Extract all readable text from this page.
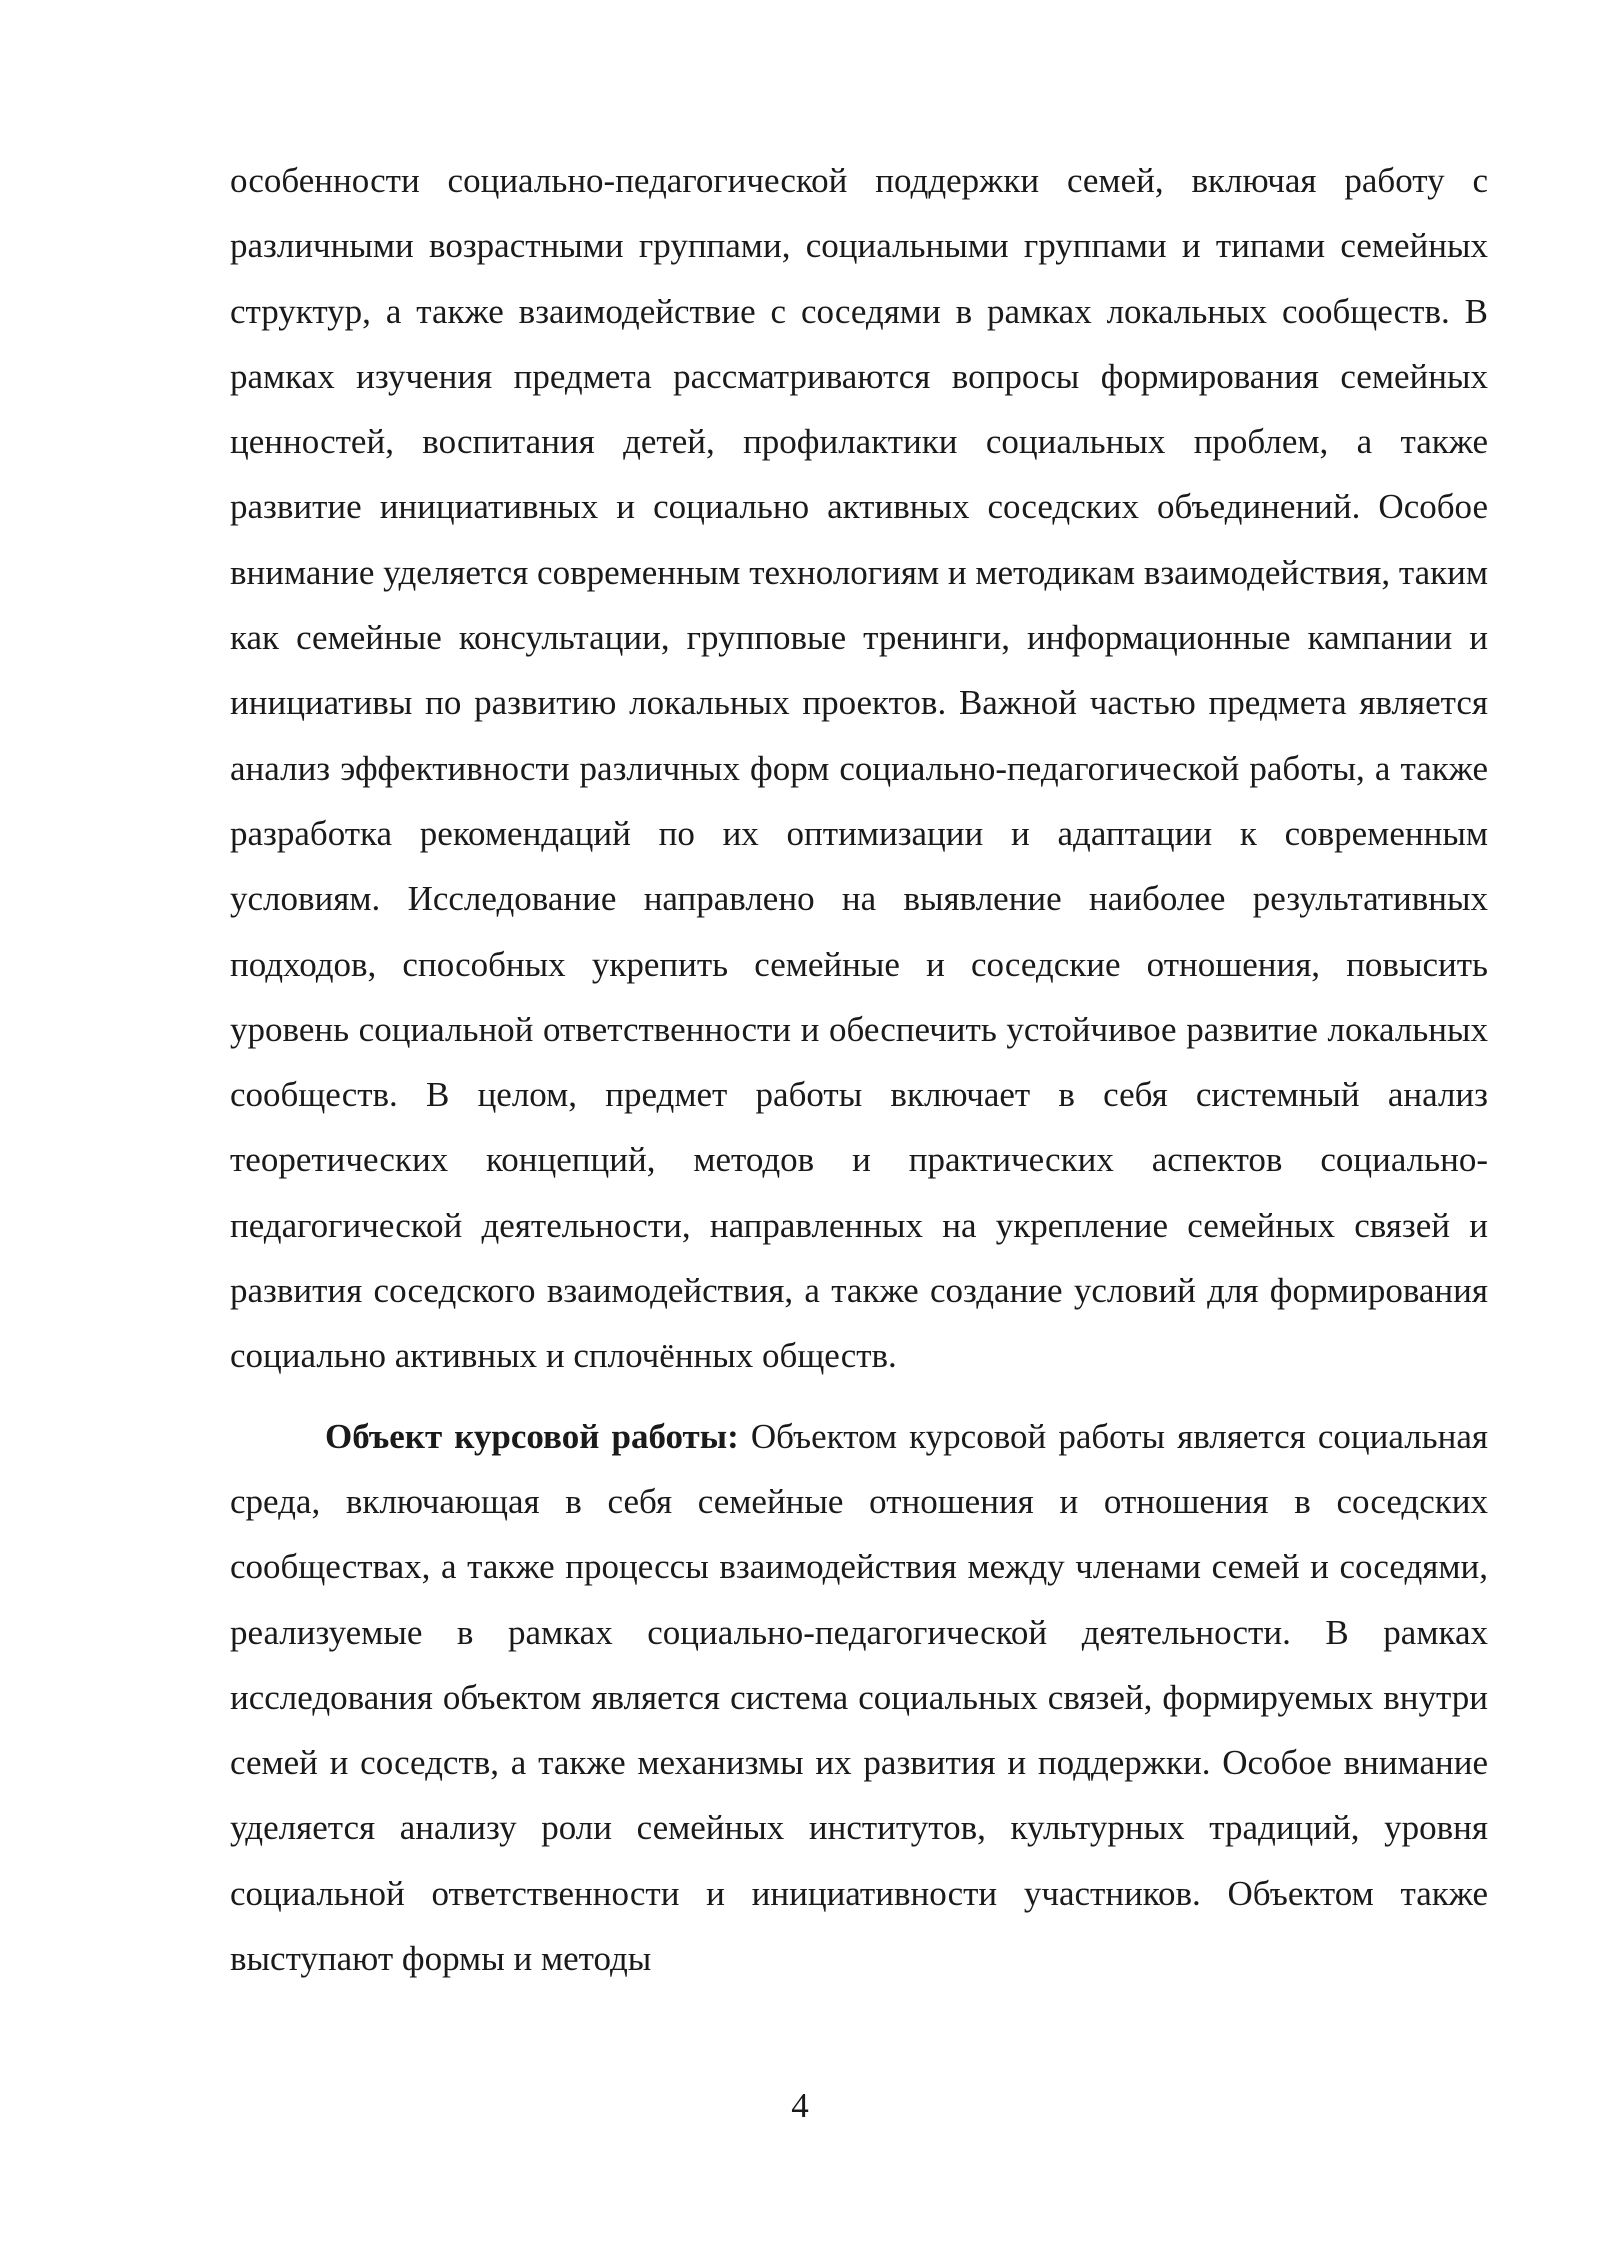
особенности социально-педагогической поддержки семей, включая работу с различными возрастными группами, социальными группами и типами семейных структур, а также взаимодействие с соседями в рамках локальных сообществ. В рамках изучения предмета рассматриваются вопросы формирования семейных ценностей, воспитания детей, профилактики социальных проблем, а также развитие инициативных и социально активных соседских объединений. Особое внимание уделяется современным технологиям и методикам взаимодействия, таким как семейные консультации, групповые тренинги, информационные кампании и инициативы по развитию локальных проектов. Важной частью предмета является анализ эффективности различных форм социально-педагогической работы, а также разработка рекомендаций по их оптимизации и адаптации к современным условиям. Исследование направлено на выявление наиболее результативных подходов, способных укрепить семейные и соседские отношения, повысить уровень социальной ответственности и обеспечить устойчивое развитие локальных сообществ. В целом, предмет работы включает в себя системный анализ теоретических концепций, методов и практических аспектов социально-педагогической деятельности, направленных на укрепление семейных связей и развития соседского взаимодействия, а также создание условий для формирования социально активных и сплочённых обществ.

Объект курсовой работы: Объектом курсовой работы является социальная среда, включающая в себя семейные отношения и отношения в соседских сообществах, а также процессы взаимодействия между членами семей и соседями, реализуемые в рамках социально-педагогической деятельности. В рамках исследования объектом является система социальных связей, формируемых внутри семей и соседств, а также механизмы их развития и поддержки. Особое внимание уделяется анализу роли семейных институтов, культурных традиций, уровня социальной ответственности и инициативности участников. Объектом также выступают формы и методы

4
